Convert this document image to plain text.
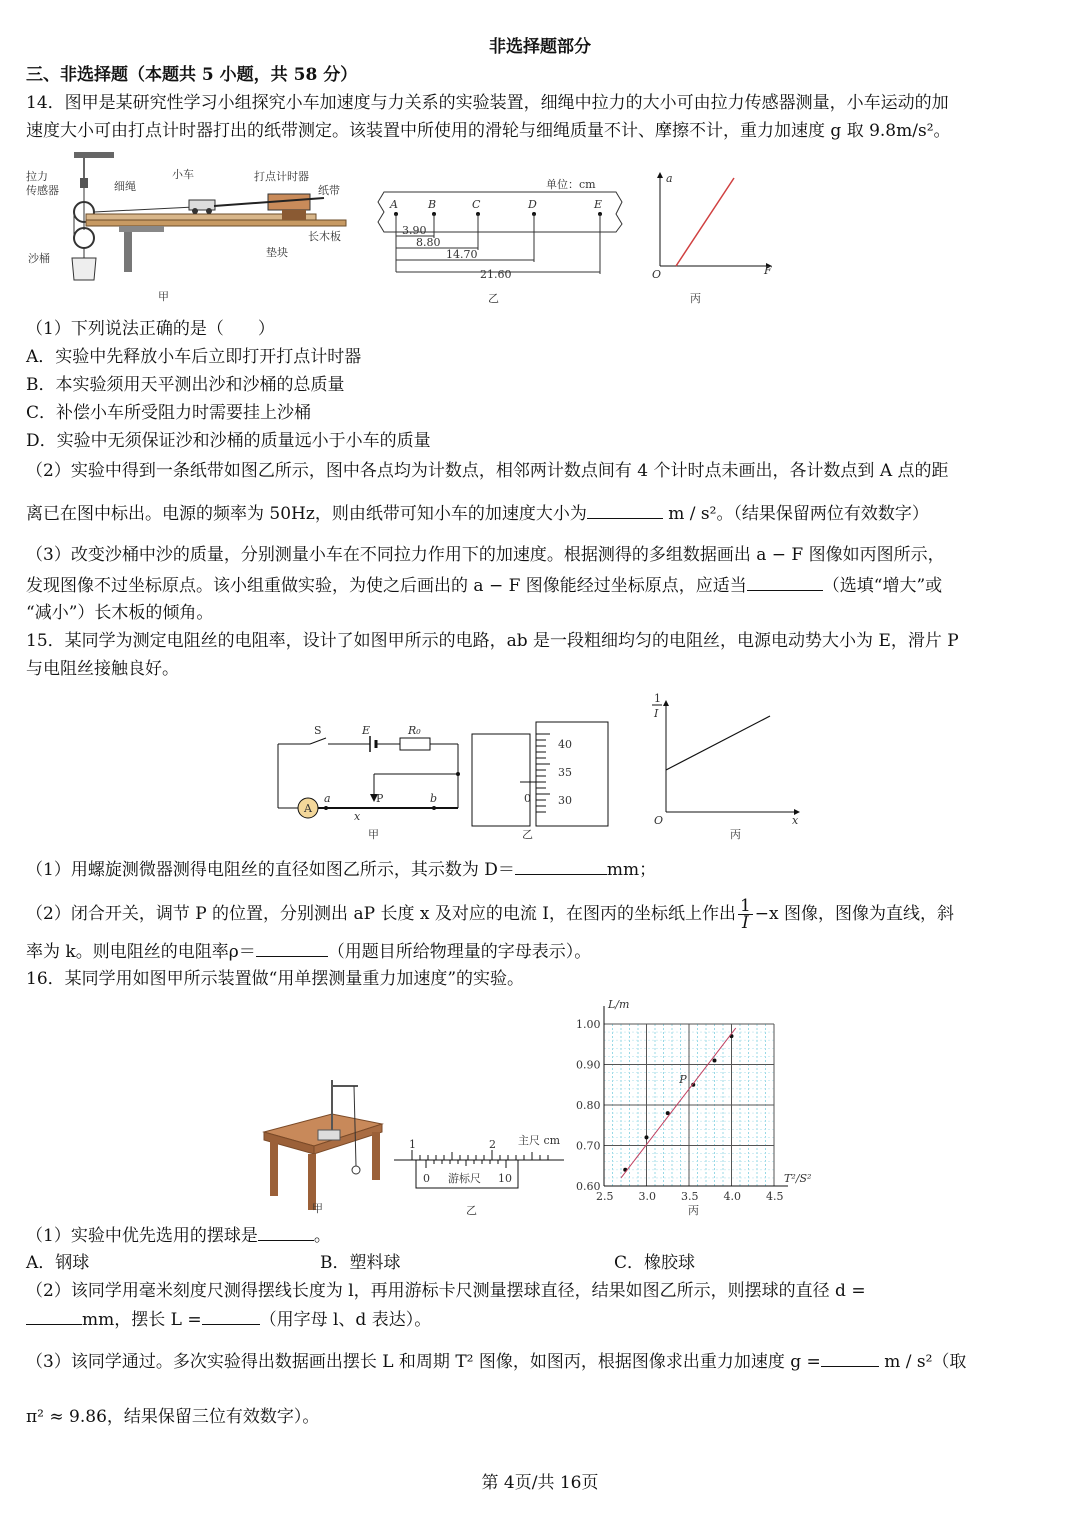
非选择题部分
三、非选择题（本题共 5 小题，共 58 分）
14．图甲是某研究性学习小组探究小车加速度与力关系的实验装置，细绳中拉力的大小可由拉力传感器测量，小车运动的加
速度大小可由打点计时器打出的纸带测定。该装置中所使用的滑轮与细绳质量不计、摩擦不计，重力加速度 g 取 9.8m/s²。
拉力
传感器	细绳
小车	打点计时器
纸带
长木板
沙桶	垫块
甲
单位：cm
A	B	C	D	E
3.90
8.80
14.70
21.60
乙
a
F
O
丙
（1）下列说法正确的是（　　）
A．实验中先释放小车后立即打开打点计时器
B．本实验须用天平测出沙和沙桶的总质量
C．补偿小车所受阻力时需要挂上沙桶
D．实验中无须保证沙和沙桶的质量远小于小车的质量
（2）实验中得到一条纸带如图乙所示，图中各点均为计数点，相邻两计数点间有 4 个计时点未画出，各计数点到 A 点的距
离已在图中标出。电源的频率为 50Hz，则由纸带可知小车的加速度大小为	m / s²。（结果保留两位有效数字）
（3）改变沙桶中沙的质量，分别测量小车在不同拉力作用下的加速度。根据测得的多组数据画出 a − F 图像如丙图所示，
发现图像不过坐标原点。该小组重做实验，为使之后画出的 a − F 图像能经过坐标原点，应适当	（选填“增大”或
“减小”）长木板的倾角。
15．某同学为测定电阻丝的电阻率，设计了如图甲所示的电路，ab 是一段粗细均匀的电阻丝，电源电动势大小为 E，滑片 P
与电阻丝接触良好。
S	E	R₀
A
a	b
P
x
甲
40
35
30
0
乙
1
I
x
O
丙
（1）用螺旋测微器测得电阻丝的直径如图乙所示，其示数为 D＝	mm；
（2）闭合开关，调节 P 的位置，分别测出 aP 长度 x 及对应的电流 I，在图丙的坐标纸上作出 $\frac{1}{I} -x$ 图像，图像为直线，斜
率为 k。则电阻丝的电阻率ρ＝	（用题目所给物理量的字母表示）。
16．某同学用如图甲所示装置做“用单摆测量重力加速度”的实验。
甲
主尺 cm
1	2
0 游标尺 10
乙
L/m
T²/S²
P
1.00
0.90
0.80
0.70
0.60
2.5 3.0 3.5 4.0 4.5
丙
（1）实验中优先选用的摆球是	。
A．钢球	B．塑料球	C．橡胶球
（2）该同学用毫米刻度尺测得摆线长度为 l，再用游标卡尺测量摆球直径，结果如图乙所示，则摆球的直径 d =
mm，摆长 L =	（用字母 l、d 表达）。
（3）该同学通过。多次实验得出数据画出摆长 L 和周期 T² 图像，如图丙，根据图像求出重力加速度 g =	m / s²（取
π² ≈ 9.86，结果保留三位有效数字）。
第 4页/共 16页
